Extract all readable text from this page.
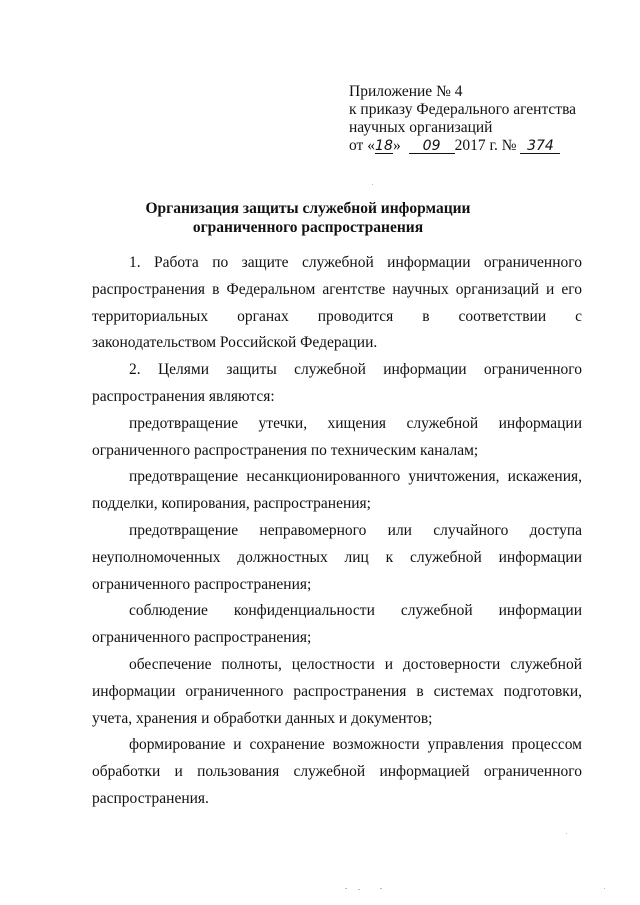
Приложение № 4
к приказу Федерального агентства
научных организаций
от «18» 09 2017 г. № 374
Организация защиты служебной информации
ограниченного распространения

1. Работа по защите служебной информации ограниченного распространения в Федеральном агентстве научных организаций и его территориальных органах проводится в соответствии с законодательством Российской Федерации.

2. Целями защиты служебной информации ограниченного распространения являются:

предотвращение утечки, хищения служебной информации ограниченного распространения по техническим каналам;

предотвращение несанкционированного уничтожения, искажения, подделки, копирования, распространения;

предотвращение неправомерного или случайного доступа неуполномоченных должностных лиц к служебной информации ограниченного распространения;

соблюдение конфиденциальности служебной информации ограниченного распространения;

обеспечение полноты, целостности и достоверности служебной информации ограниченного распространения в системах подготовки, учета, хранения и обработки данных и документов;

формирование и сохранение возможности управления процессом обработки и пользования служебной информацией ограниченного распространения.
